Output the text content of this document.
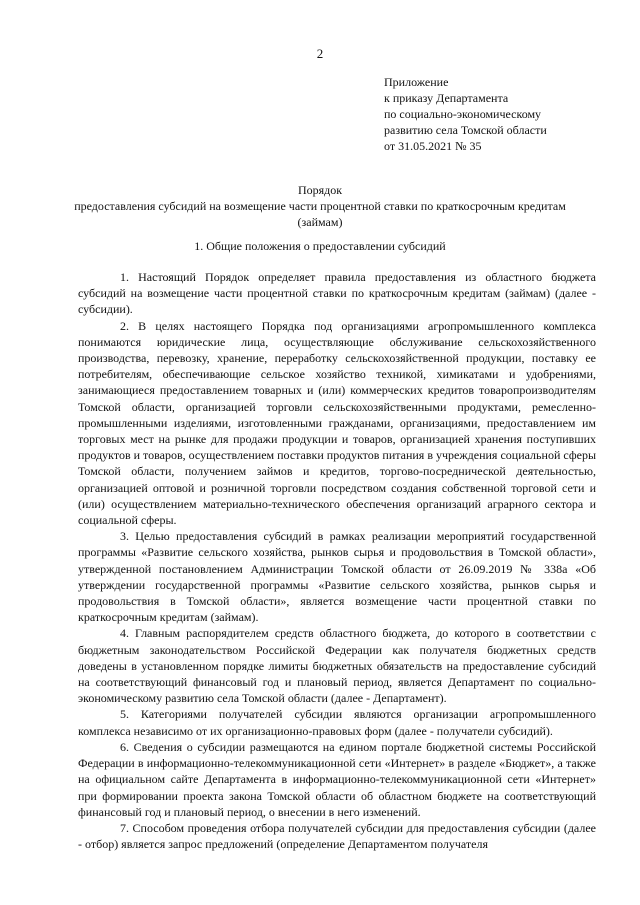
2
Приложение
к приказу Департамента
по социально-экономическому
развитию села Томской области
от 31.05.2021 № 35
Порядок
предоставления субсидий на возмещение части процентной ставки по краткосрочным кредитам (займам)
1. Общие положения о предоставлении субсидий

1. Настоящий Порядок определяет правила предоставления из областного бюджета субсидий на возмещение части процентной ставки по краткосрочным кредитам (займам) (далее - субсидии).

2. В целях настоящего Порядка под организациями агропромышленного комплекса понимаются юридические лица, осуществляющие обслуживание сельскохозяйственного производства, перевозку, хранение, переработку сельскохозяйственной продукции, поставку ее потребителям, обеспечивающие сельское хозяйство техникой, химикатами и удобрениями, занимающиеся предоставлением товарных и (или) коммерческих кредитов товаропроизводителям Томской области, организацией торговли сельскохозяйственными продуктами, ремесленно-промышленными изделиями, изготовленными гражданами, организациями, предоставлением им торговых мест на рынке для продажи продукции и товаров, организацией хранения поступивших продуктов и товаров, осуществлением поставки продуктов питания в учреждения социальной сферы Томской области, получением займов и кредитов, торгово-посреднической деятельностью, организацией оптовой и розничной торговли посредством создания собственной торговой сети и (или) осуществлением материально-технического обеспечения организаций аграрного сектора и социальной сферы.

3. Целью предоставления субсидий в рамках реализации мероприятий государственной программы «Развитие сельского хозяйства, рынков сырья и продовольствия в Томской области», утвержденной постановлением Администрации Томской области от 26.09.2019 № 338а «Об утверждении государственной программы «Развитие сельского хозяйства, рынков сырья и продовольствия в Томской области», является возмещение части процентной ставки по краткосрочным кредитам (займам).

4. Главным распорядителем средств областного бюджета, до которого в соответствии с бюджетным законодательством Российской Федерации как получателя бюджетных средств доведены в установленном порядке лимиты бюджетных обязательств на предоставление субсидий на соответствующий финансовый год и плановый период, является Департамент по социально-экономическому развитию села Томской области (далее - Департамент).

5. Категориями получателей субсидии являются организации агропромышленного комплекса независимо от их организационно-правовых форм (далее - получатели субсидий).

6. Сведения о субсидии размещаются на едином портале бюджетной системы Российской Федерации в информационно-телекоммуникационной сети «Интернет» в разделе «Бюджет», а также на официальном сайте Департамента в информационно-телекоммуникационной сети «Интернет» при формировании проекта закона Томской области об областном бюджете на соответствующий финансовый год и плановый период, о внесении в него изменений.

7. Способом проведения отбора получателей субсидии для предоставления субсидии (далее - отбор) является запрос предложений (определение Департаментом получателя
